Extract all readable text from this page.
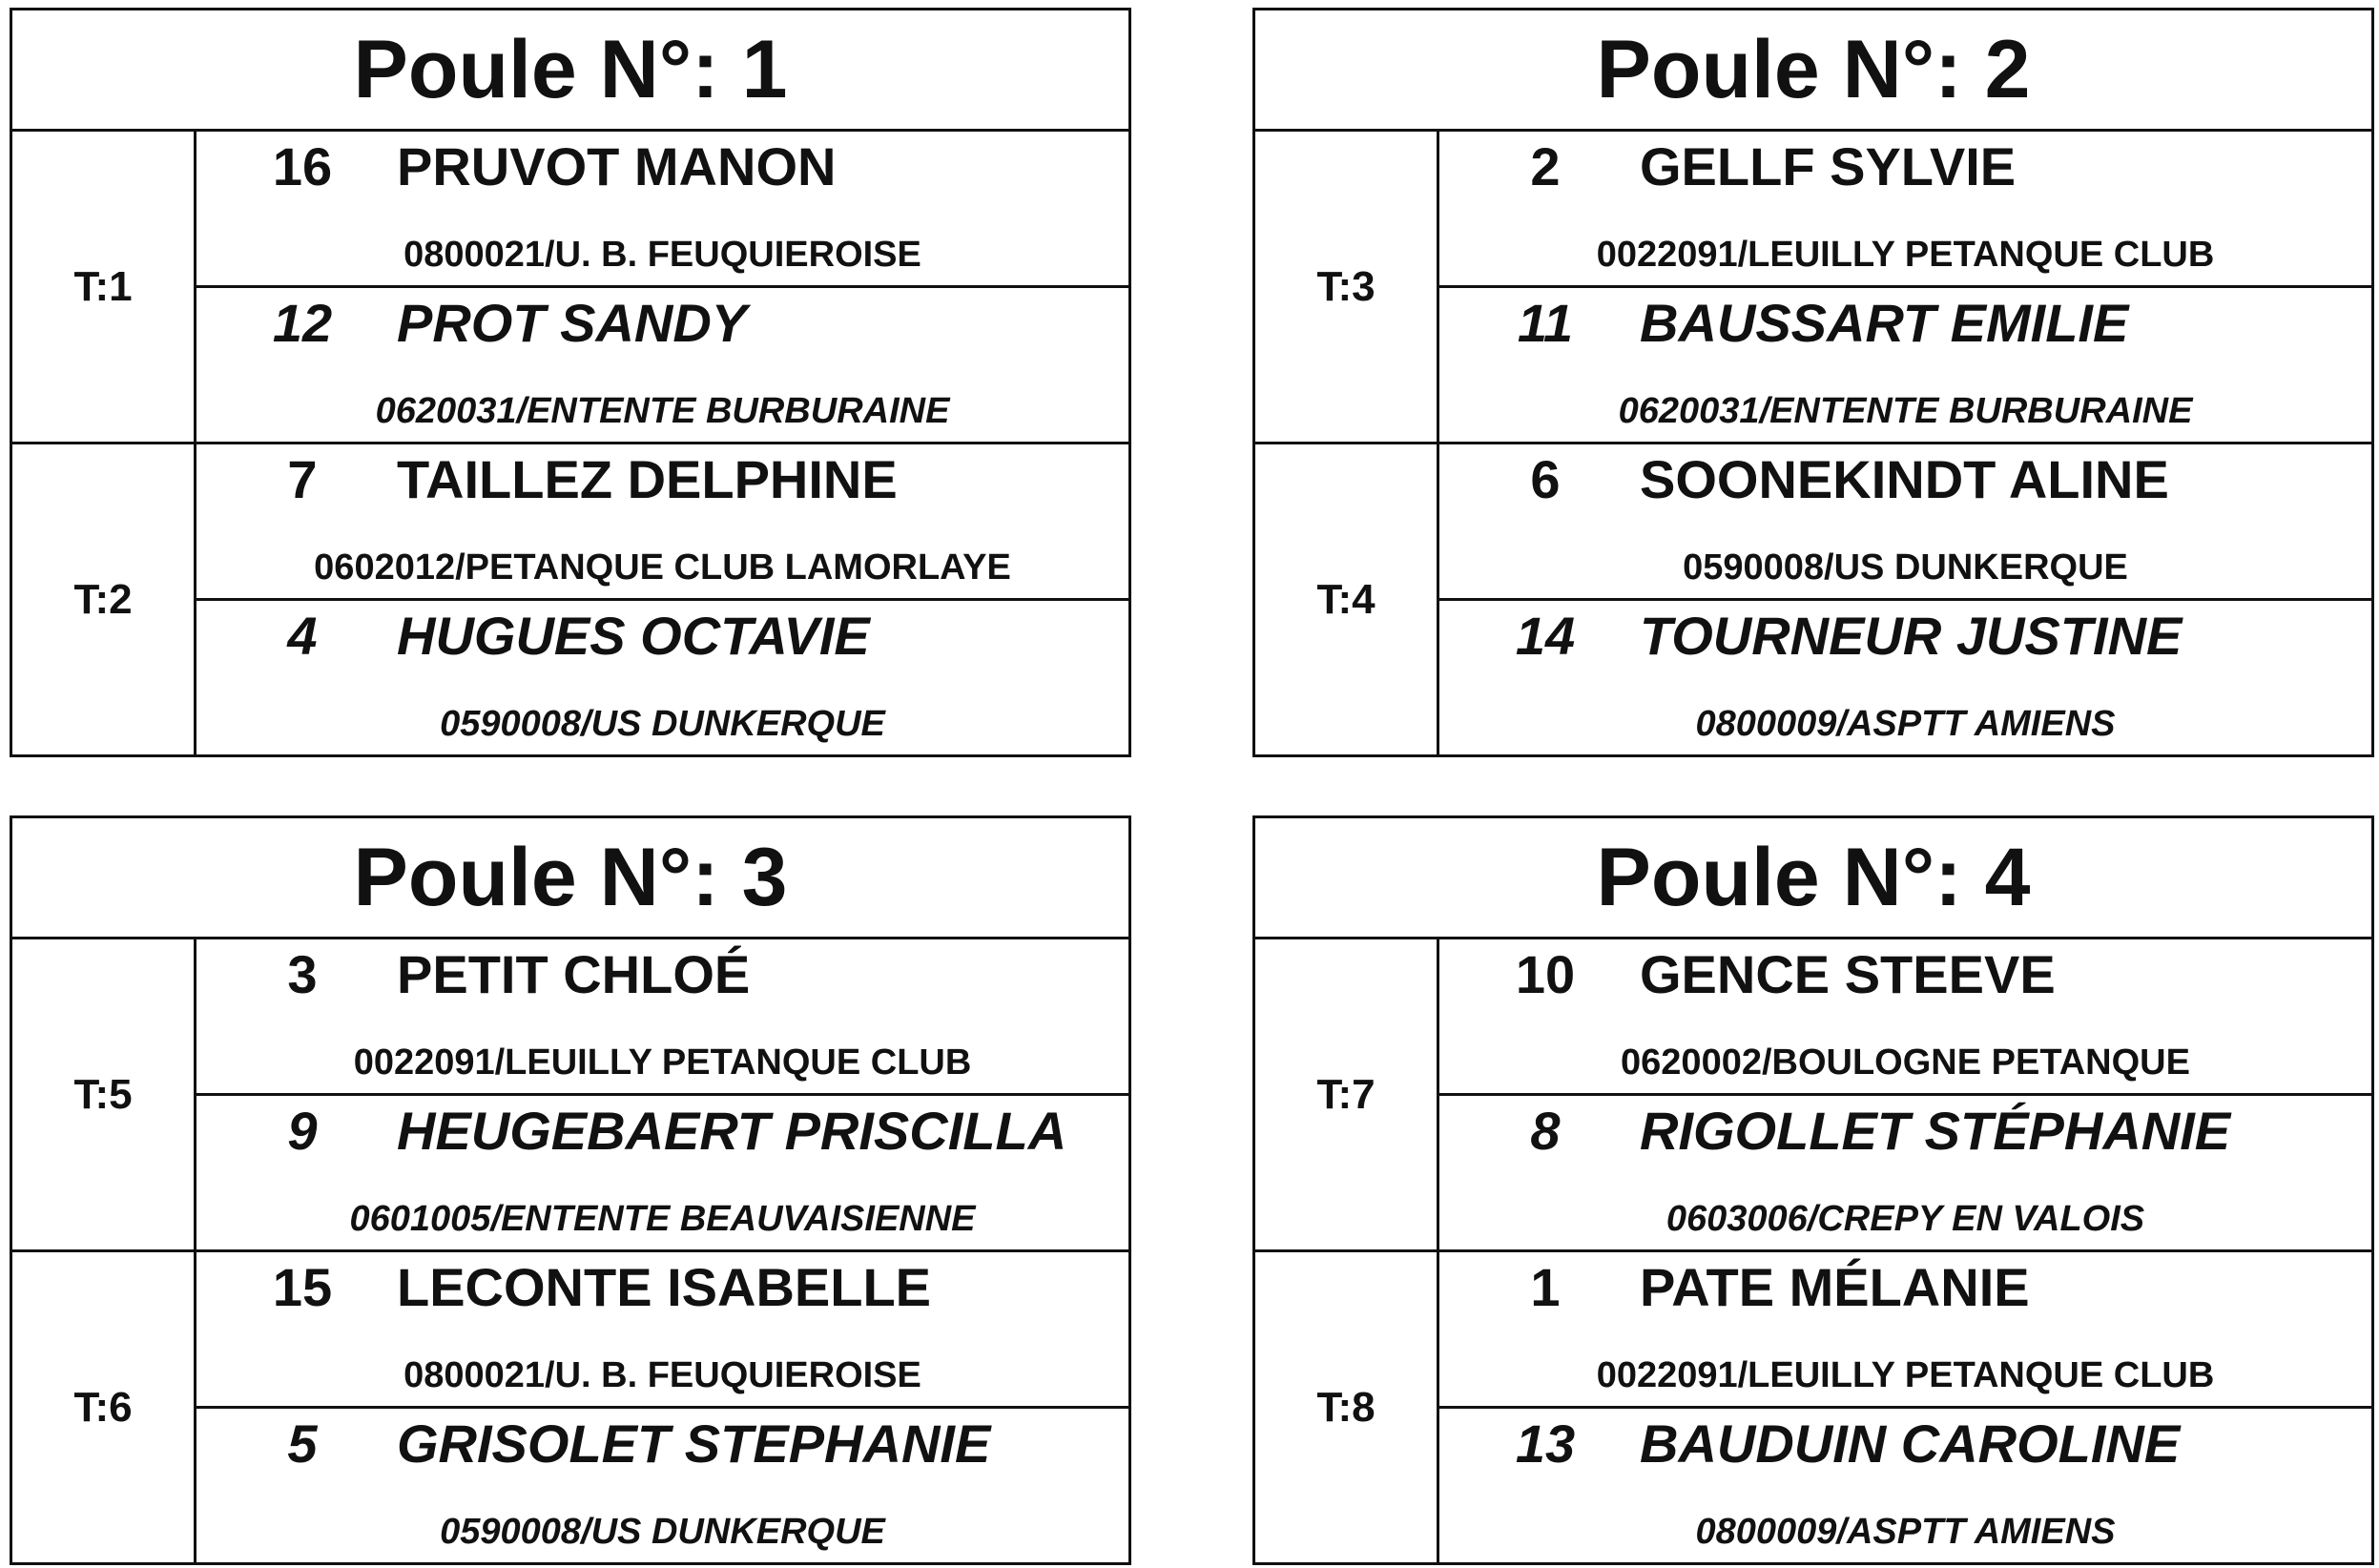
Poule N°: 1
T:1
16	PRUVOT MANON
0800021/U. B. FEUQUIEROISE
12	PROT SANDY
0620031/ENTENTE BURBURAINE
T:2
7	TAILLEZ DELPHINE
0602012/PETANQUE CLUB LAMORLAYE
4	HUGUES OCTAVIE
0590008/US DUNKERQUE
Poule N°: 2
T:3
2	GELLF SYLVIE
0022091/LEUILLY PETANQUE CLUB
11	BAUSSART EMILIE
0620031/ENTENTE BURBURAINE
T:4
6	SOONEKINDT ALINE
0590008/US DUNKERQUE
14	TOURNEUR JUSTINE
0800009/ASPTT AMIENS
Poule N°: 3
T:5
3	PETIT CHLOÉ
0022091/LEUILLY PETANQUE CLUB
9	HEUGEBAERT PRISCILLA
0601005/ENTENTE BEAUVAISIENNE
T:6
15	LECONTE ISABELLE
0800021/U. B. FEUQUIEROISE
5	GRISOLET STEPHANIE
0590008/US DUNKERQUE
Poule N°: 4
T:7
10	GENCE STEEVE
0620002/BOULOGNE PETANQUE
8	RIGOLLET STÉPHANIE
0603006/CREPY EN VALOIS
T:8
1	PATE MÉLANIE
0022091/LEUILLY PETANQUE CLUB
13	BAUDUIN CAROLINE
0800009/ASPTT AMIENS
